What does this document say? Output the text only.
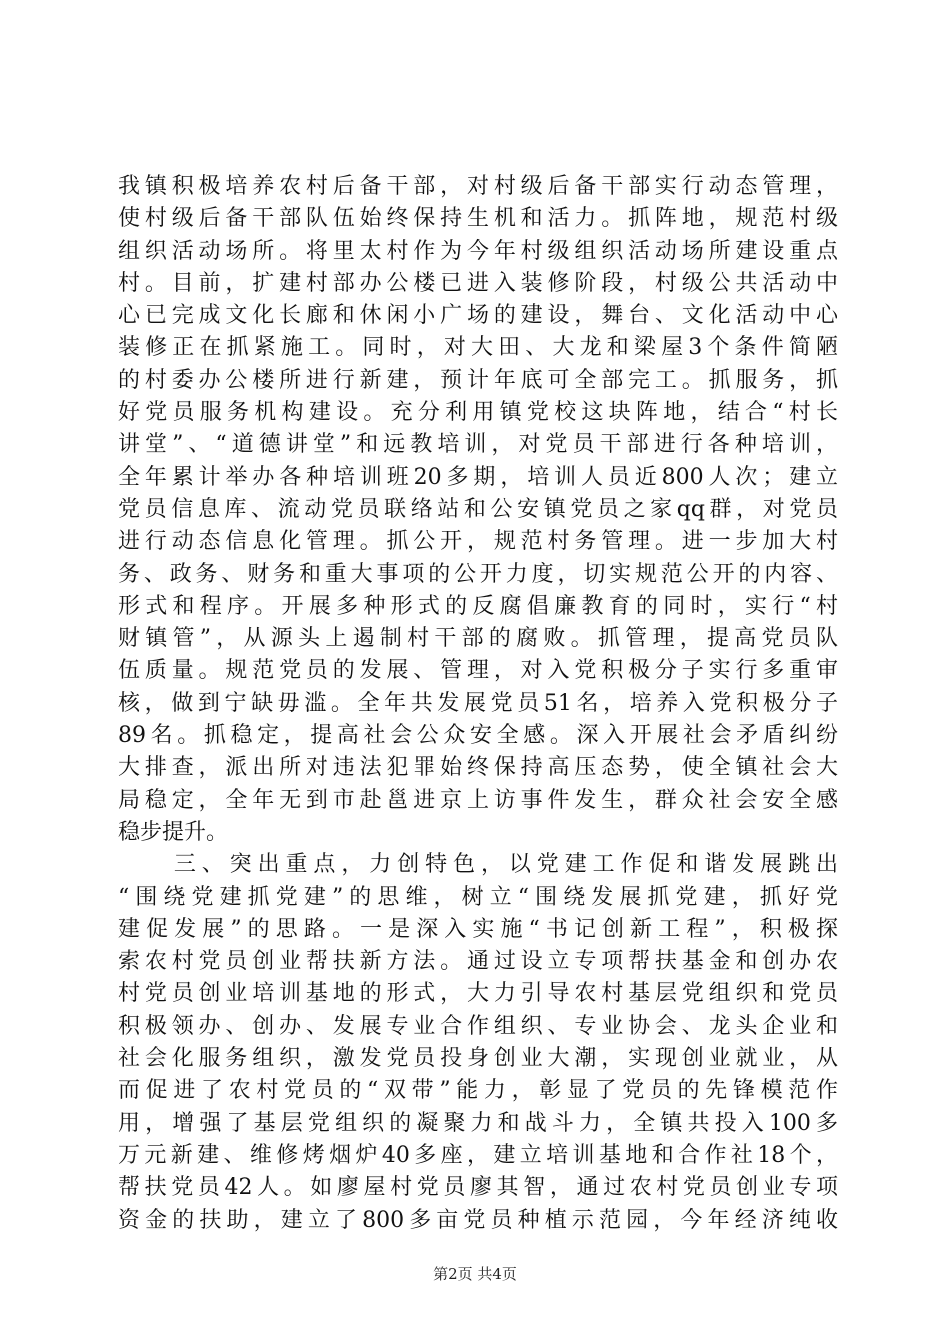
我镇积极培养农村后备干部，对村级后备干部实行动态管理，
使村级后备干部队伍始终保持生机和活力。抓阵地，规范村级
组织活动场所。将里太村作为今年村级组织活动场所建设重点
村。目前，扩建村部办公楼已进入装修阶段，村级公共活动中
心已完成文化长廊和休闲小广场的建设，舞台、文化活动中心
装修正在抓紧施工。同时，对大田、大龙和梁屋3个条件简陋
的村委办公楼所进行新建，预计年底可全部完工。抓服务，抓
好党员服务机构建设。充分利用镇党校这块阵地，结合“村长
讲堂”、“道德讲堂”和远教培训，对党员干部进行各种培训，
全年累计举办各种培训班20多期，培训人员近800人次；建立
党员信息库、流动党员联络站和公安镇党员之家qq群，对党员
进行动态信息化管理。抓公开，规范村务管理。进一步加大村
务、政务、财务和重大事项的公开力度，切实规范公开的内容、
形式和程序。开展多种形式的反腐倡廉教育的同时，实行“村
财镇管”，从源头上遏制村干部的腐败。抓管理，提高党员队
伍质量。规范党员的发展、管理，对入党积极分子实行多重审
核，做到宁缺毋滥。全年共发展党员51名，培养入党积极分子
89名。抓稳定，提高社会公众安全感。深入开展社会矛盾纠纷
大排查，派出所对违法犯罪始终保持高压态势，使全镇社会大
局稳定，全年无到市赴邕进京上访事件发生，群众社会安全感
稳步提升。
　　三、突出重点，力创特色，以党建工作促和谐发展跳出
“围绕党建抓党建”的思维，树立“围绕发展抓党建，抓好党
建促发展”的思路。一是深入实施“书记创新工程”，积极探
索农村党员创业帮扶新方法。通过设立专项帮扶基金和创办农
村党员创业培训基地的形式，大力引导农村基层党组织和党员
积极领办、创办、发展专业合作组织、专业协会、龙头企业和
社会化服务组织，激发党员投身创业大潮，实现创业就业，从
而促进了农村党员的“双带”能力，彰显了党员的先锋模范作
用，增强了基层党组织的凝聚力和战斗力，全镇共投入100多
万元新建、维修烤烟炉40多座，建立培训基地和合作社18个，
帮扶党员42人。如廖屋村党员廖其智，通过农村党员创业专项
资金的扶助，建立了800多亩党员种植示范园，今年经济纯收
第2页 共4页
